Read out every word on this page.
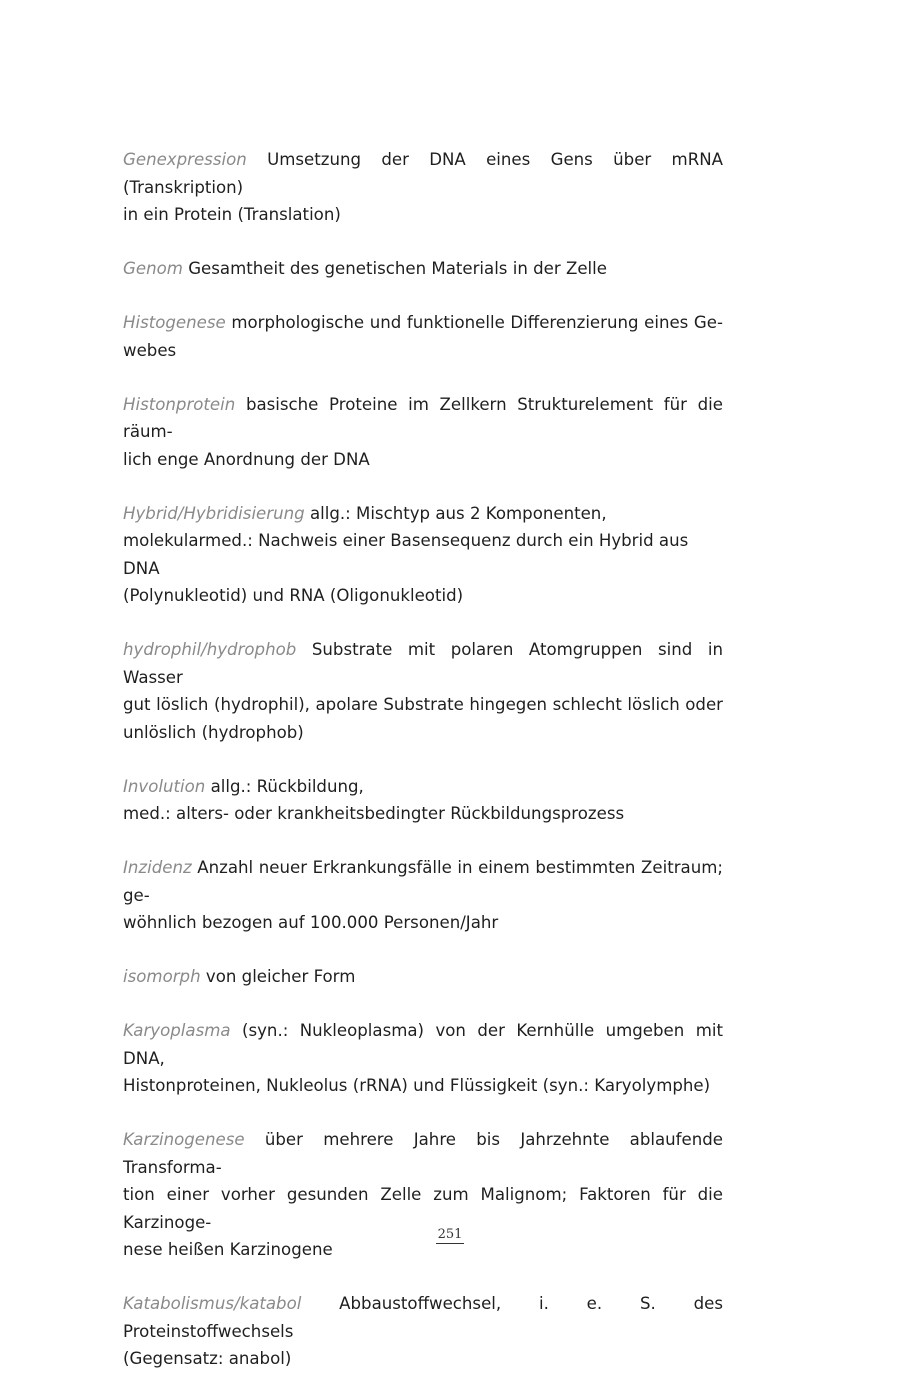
Genexpression Umsetzung der DNA eines Gens über mRNA (Transkription)
in ein Protein (Translation)

Genom Gesamtheit des genetischen Materials in der Zelle

Histogenese morphologische und funktionelle Differenzierung eines Ge-
webes

Histonprotein basische Proteine im Zellkern Strukturelement für die räum-
lich enge Anordnung der DNA

Hybrid/Hybridisierung allg.: Mischtyp aus 2 Komponenten,
molekularmed.: Nachweis einer Basensequenz durch ein Hybrid aus DNA
(Polynukleotid) und RNA (Oligonukleotid)

hydrophil/hydrophob Substrate mit polaren Atomgruppen sind in Wasser
gut löslich (hydrophil), apolare Substrate hingegen schlecht löslich oder
unlöslich (hydrophob)

Involution allg.: Rückbildung,
med.: alters- oder krankheitsbedingter Rückbildungsprozess

Inzidenz Anzahl neuer Erkrankungsfälle in einem bestimmten Zeitraum; ge-
wöhnlich bezogen auf 100.000 Personen/Jahr

isomorph von gleicher Form

Karyoplasma (syn.: Nukleoplasma) von der Kernhülle umgeben mit DNA,
Histonproteinen, Nukleolus (rRNA) und Flüssigkeit (syn.: Karyolymphe)

Karzinogenese über mehrere Jahre bis Jahrzehnte ablaufende Transforma-
tion einer vorher gesunden Zelle zum Malignom; Faktoren für die Karzinoge-
nese heißen Karzinogene

Katabolismus/katabol Abbaustoffwechsel, i. e. S. des Proteinstoffwechsels
(Gegensatz: anabol)

251
